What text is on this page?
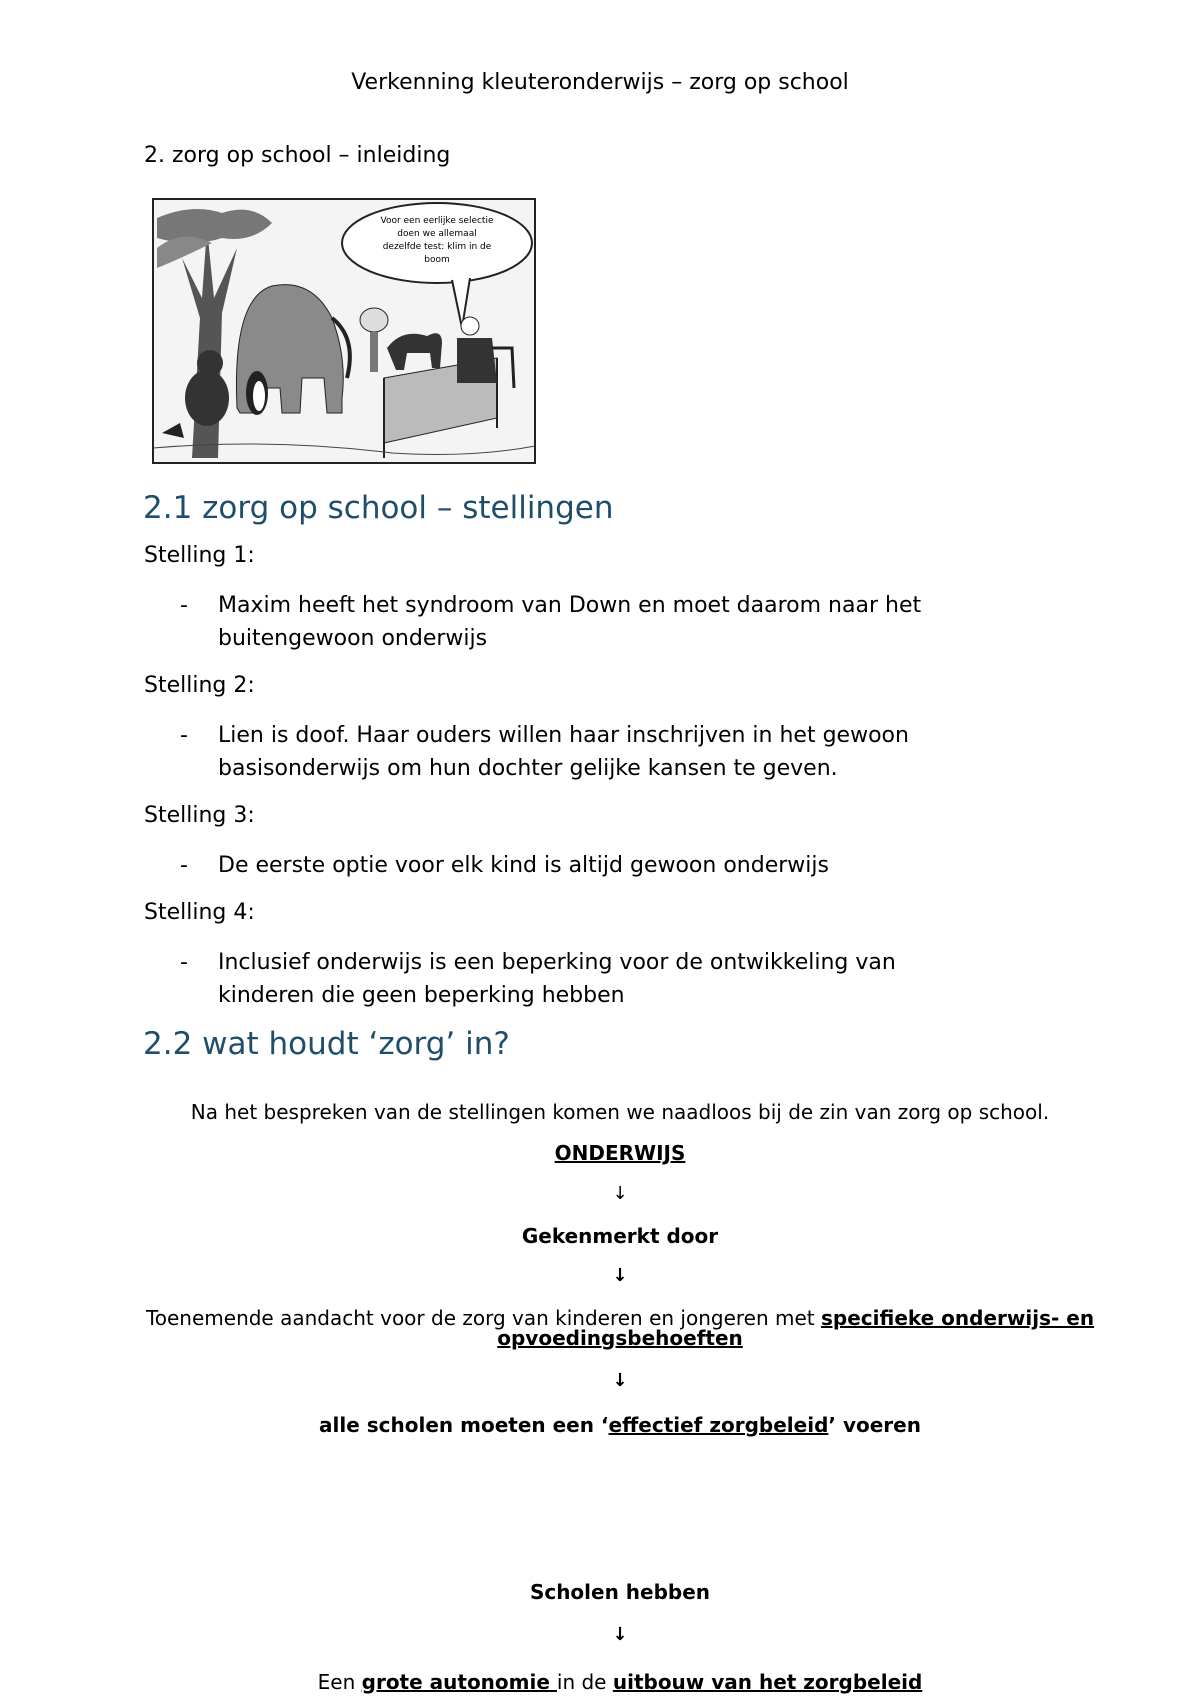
Verkenning kleuteronderwijs – zorg op school
2. zorg op school – inleiding
Voor een eerlijke selectie
doen we allemaal
dezelfde test: klim in de
boom
2.1 zorg op school – stellingen
Stelling 1:
- Maxim heeft het syndroom van Down en moet daarom naar het
buitengewoon onderwijs
Stelling 2:
- Lien is doof. Haar ouders willen haar inschrijven in het gewoon
basisonderwijs om hun dochter gelijke kansen te geven.
Stelling 3:
- De eerste optie voor elk kind is altijd gewoon onderwijs
Stelling 4:
- Inclusief onderwijs is een beperking voor de ontwikkeling van
kinderen die geen beperking hebben
2.2 wat houdt ‘zorg’ in?
Na het bespreken van de stellingen komen we naadloos bij de zin van zorg op school.
ONDERWIJS
↓
Gekenmerkt door
↓
Toenemende aandacht voor de zorg van kinderen en jongeren met specifieke onderwijs- en
opvoedingsbehoeften
↓
alle scholen moeten een ‘effectief zorgbeleid’ voeren
Scholen hebben
↓
Een grote autonomie in de uitbouw van het zorgbeleid
